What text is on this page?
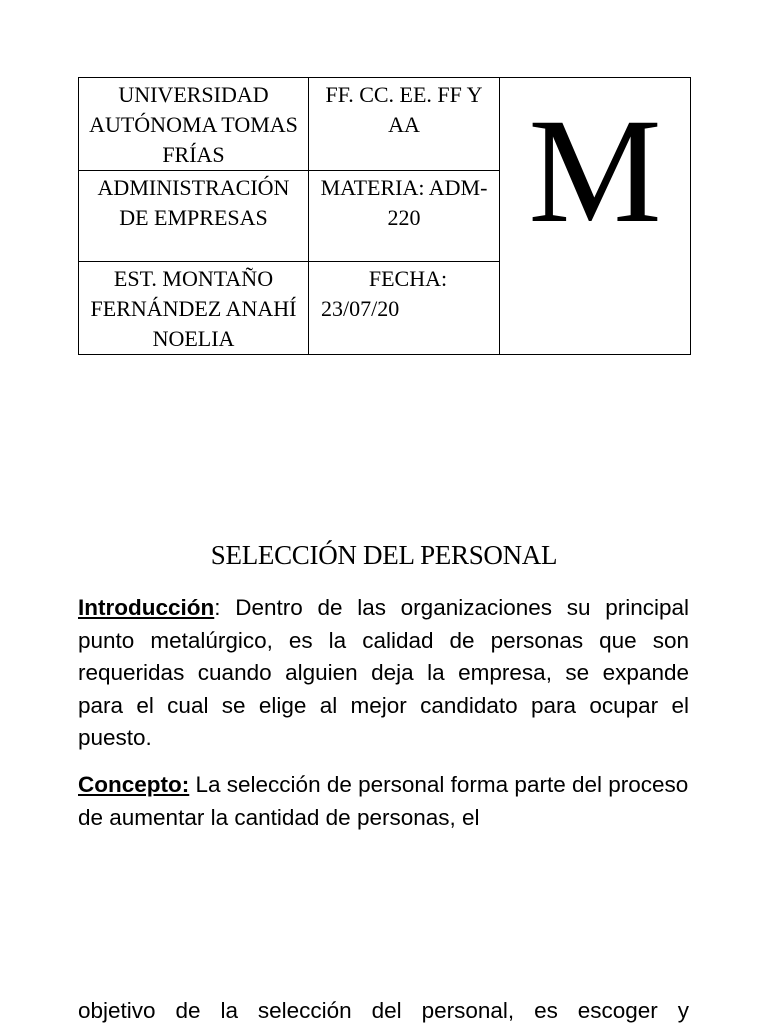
UNIVERSIDAD AUTÓNOMA TOMAS FRÍAS	FF. CC. EE. FF Y AA	M

ADMINISTRACIÓN DE EMPRESAS	MATERIA: ADM-220	
EST. MONTAÑO FERNÁNDEZ ANAHÍ NOELIA	FECHA:
23/07/20	
SELECCIÓN DEL PERSONAL
Introducción: Dentro de las organizaciones su principal punto metalúrgico, es la calidad de personas que son requeridas cuando alguien deja la empresa, se expande para el cual se elige al mejor candidato para ocupar el puesto.
Concepto: La selección de personal forma parte del proceso de aumentar la cantidad de personas, el
objetivo de la selección del personal, es escoger y
